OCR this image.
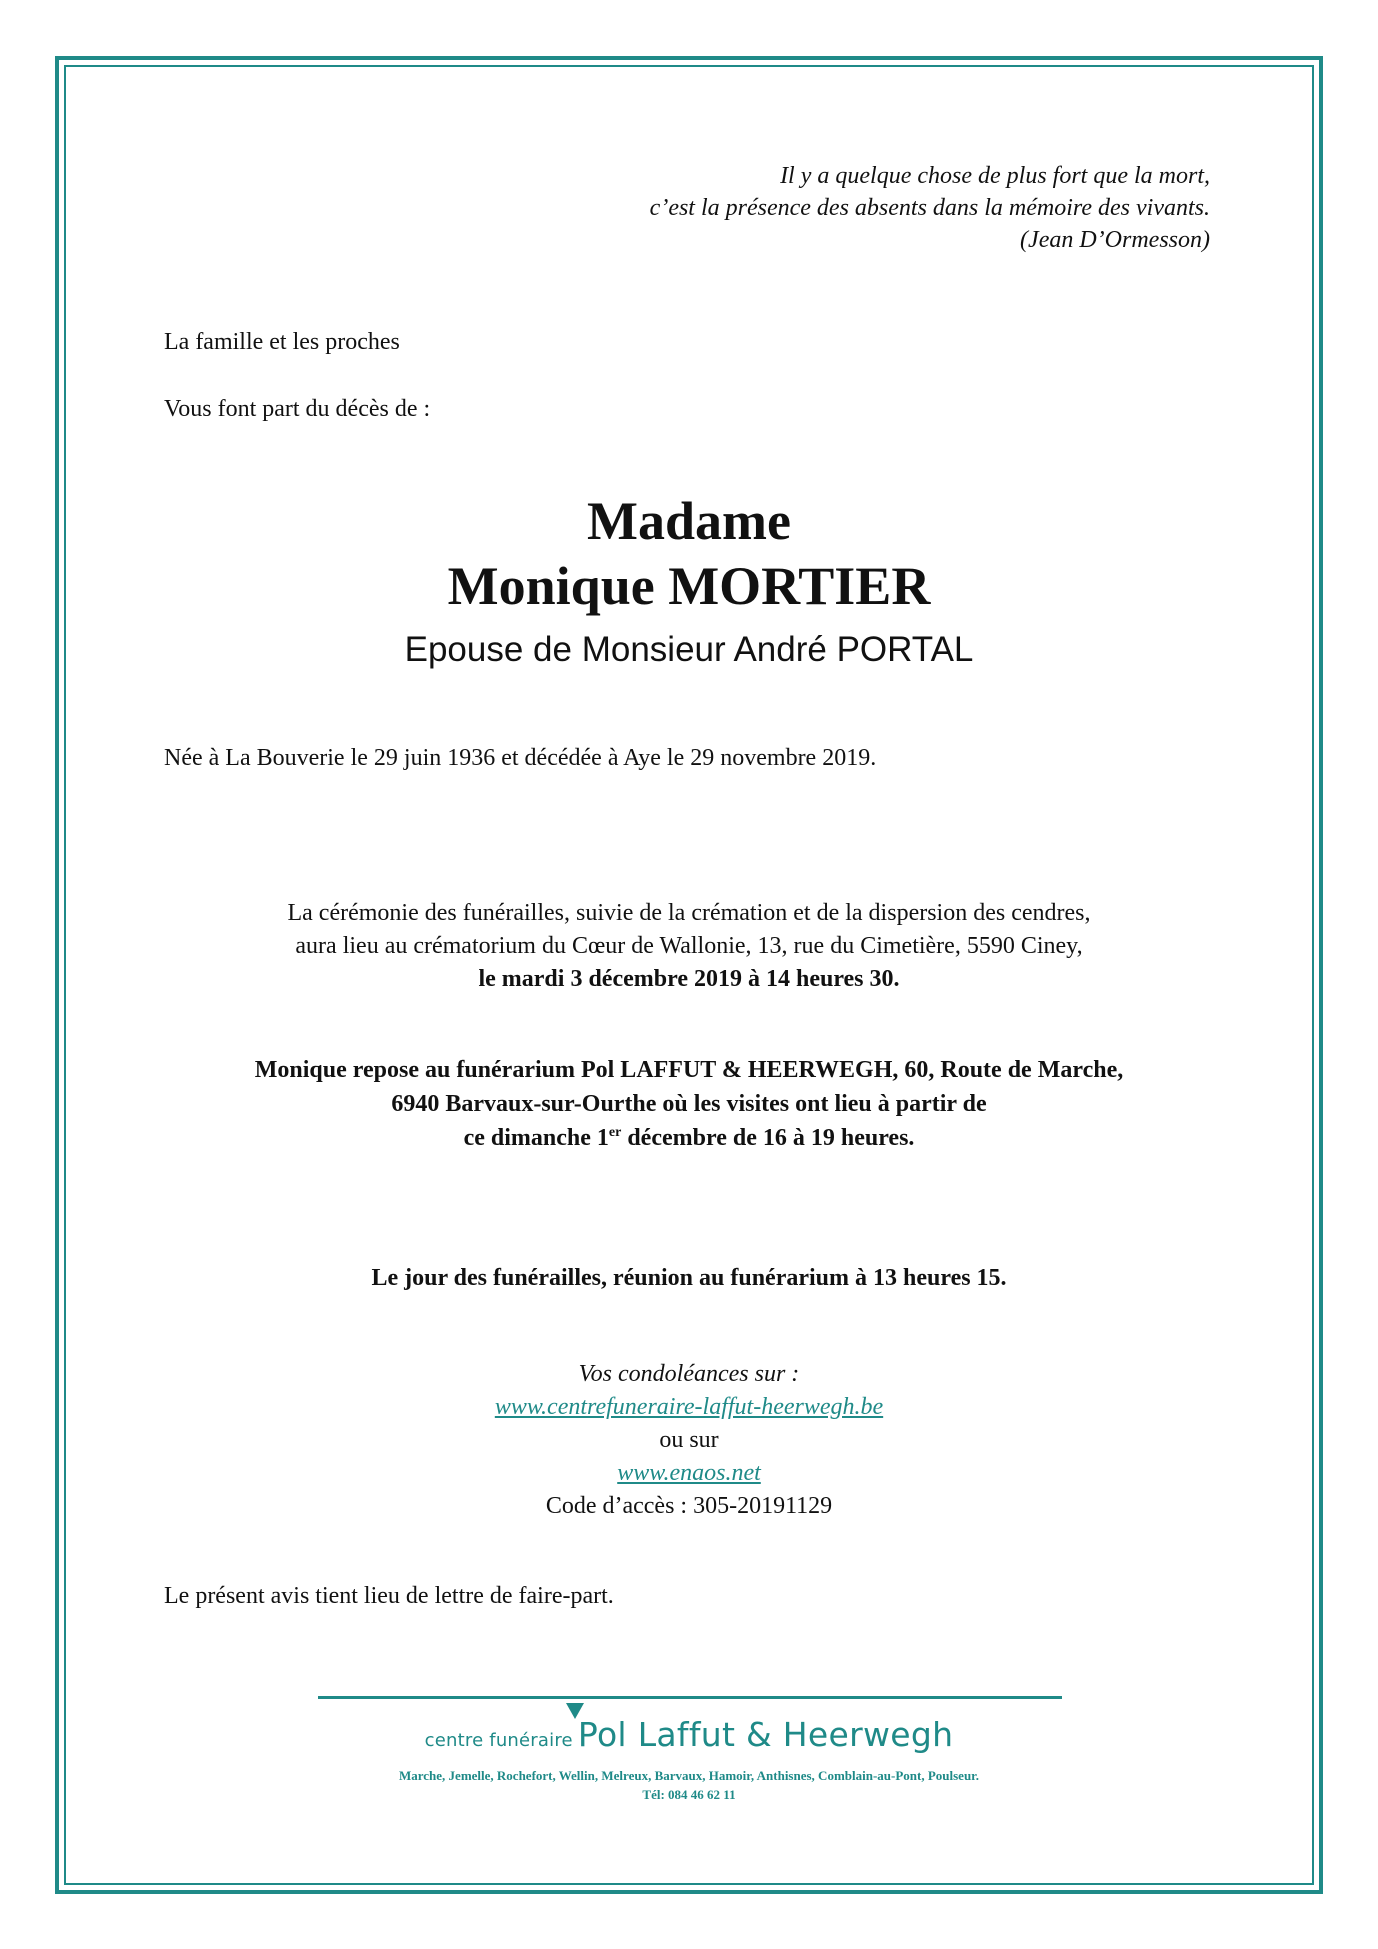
Il y a quelque chose de plus fort que la mort,
c’est la présence des absents dans la mémoire des vivants.
(Jean D’Ormesson)
La famille et les proches
Vous font part du décès de :
Madame
Monique MORTIER
Epouse de Monsieur André PORTAL
Née à La Bouverie le 29 juin 1936 et décédée à Aye le 29 novembre 2019.
La cérémonie des funérailles, suivie de la crémation et de la dispersion des cendres,
aura lieu au crématorium du Cœur de Wallonie, 13, rue du Cimetière, 5590 Ciney,
le mardi 3 décembre 2019 à 14 heures 30.
Monique repose au funérarium Pol LAFFUT & HEERWEGH, 60, Route de Marche,
6940 Barvaux-sur-Ourthe où les visites ont lieu à partir de
ce dimanche 1er décembre de 16 à 19 heures.
Le jour des funérailles, réunion au funérarium à 13 heures 15.
Vos condoléances sur :
www.centrefuneraire-laffut-heerwegh.be
ou sur
www.enaos.net
Code d’accès : 305-20191129
Le présent avis tient lieu de lettre de faire-part.
centre funéraire Pol Laffut & Heerwegh
Marche, Jemelle, Rochefort, Wellin, Melreux, Barvaux, Hamoir, Anthisnes, Comblain-au-Pont, Poulseur.
Tél: 084 46 62 11
